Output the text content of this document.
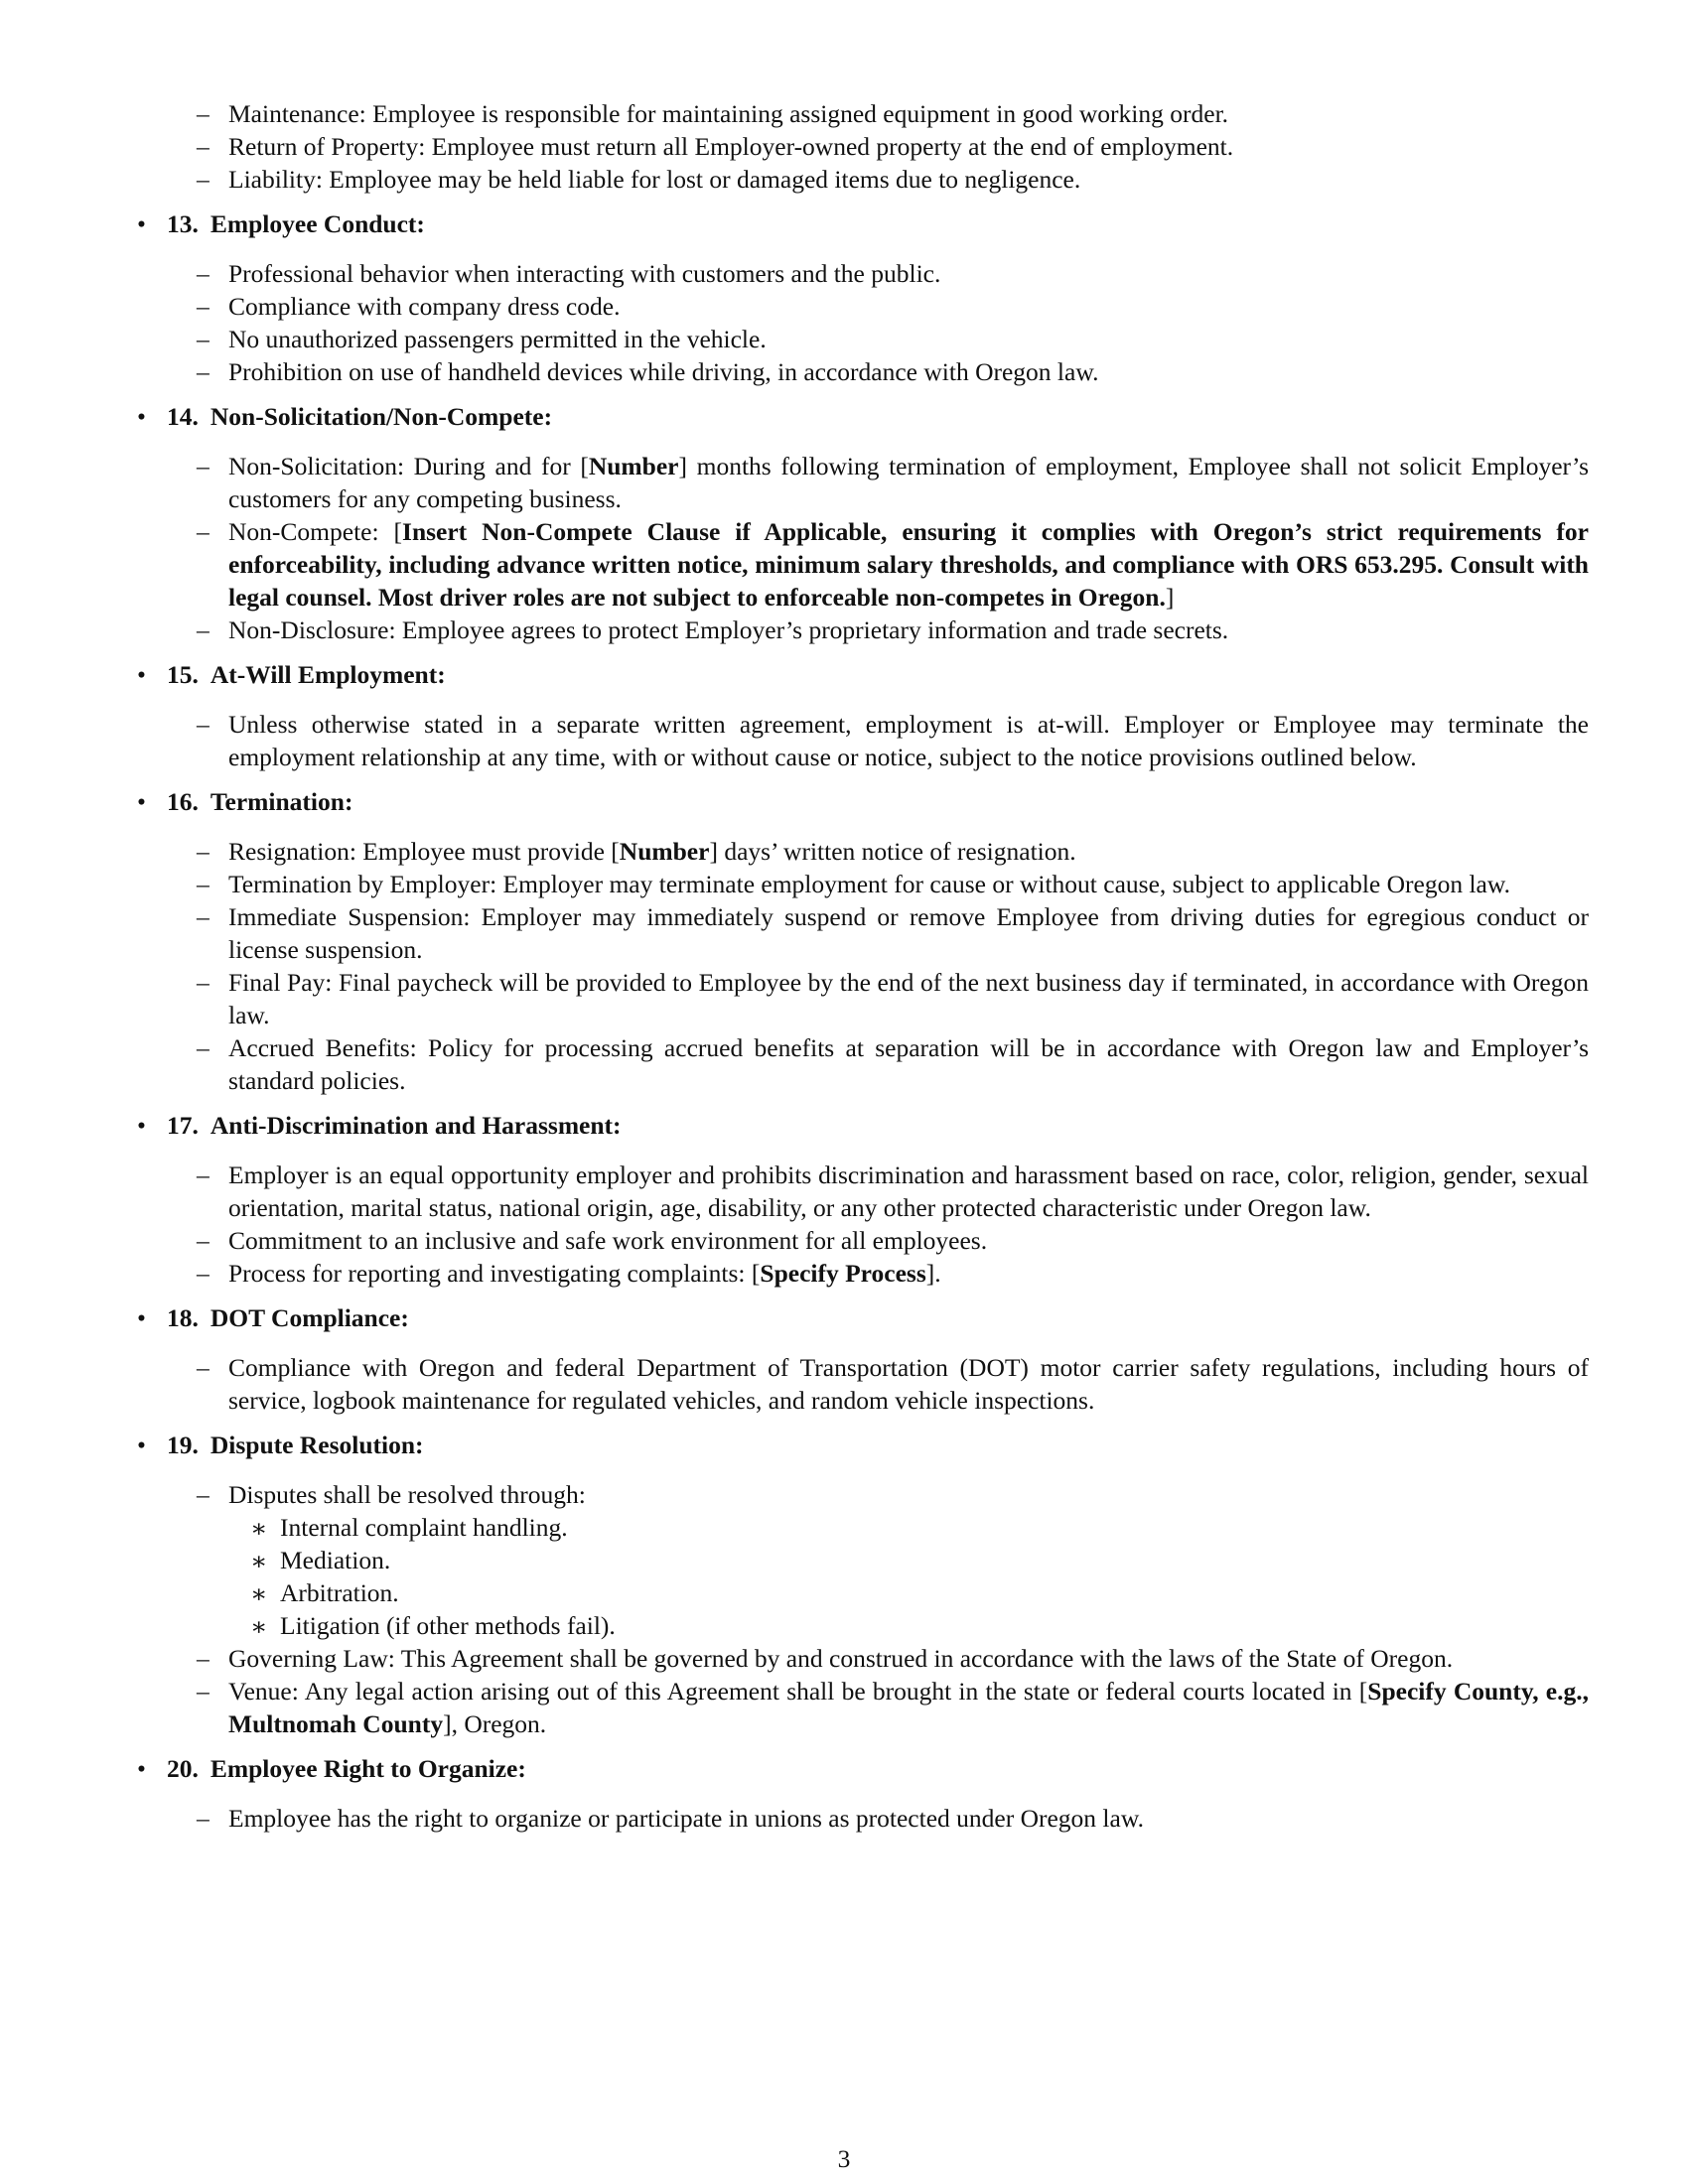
– Maintenance: Employee is responsible for maintaining assigned equipment in good working order.
– Return of Property: Employee must return all Employer-owned property at the end of employment.
– Liability: Employee may be held liable for lost or damaged items due to negligence.
• 13. Employee Conduct:
– Professional behavior when interacting with customers and the public.
– Compliance with company dress code.
– No unauthorized passengers permitted in the vehicle.
– Prohibition on use of handheld devices while driving, in accordance with Oregon law.
• 14. Non-Solicitation/Non-Compete:
– Non-Solicitation: During and for [Number] months following termination of employment, Employee shall not solicit Employer’s customers for any competing business.
– Non-Compete: [Insert Non-Compete Clause if Applicable, ensuring it complies with Oregon’s strict requirements for enforceability, including advance written notice, minimum salary thresholds, and compliance with ORS 653.295. Consult with legal counsel. Most driver roles are not subject to enforceable non-competes in Oregon.]
– Non-Disclosure: Employee agrees to protect Employer’s proprietary information and trade secrets.
• 15. At-Will Employment:
– Unless otherwise stated in a separate written agreement, employment is at-will. Employer or Employee may terminate the employment relationship at any time, with or without cause or notice, subject to the notice provisions outlined below.
• 16. Termination:
– Resignation: Employee must provide [Number] days’ written notice of resignation.
– Termination by Employer: Employer may terminate employment for cause or without cause, subject to applicable Oregon law.
– Immediate Suspension: Employer may immediately suspend or remove Employee from driving duties for egregious conduct or license suspension.
– Final Pay: Final paycheck will be provided to Employee by the end of the next business day if terminated, in accordance with Oregon law.
– Accrued Benefits: Policy for processing accrued benefits at separation will be in accordance with Oregon law and Employer’s standard policies.
• 17. Anti-Discrimination and Harassment:
– Employer is an equal opportunity employer and prohibits discrimination and harassment based on race, color, religion, gender, sexual orientation, marital status, national origin, age, disability, or any other protected characteristic under Oregon law.
– Commitment to an inclusive and safe work environment for all employees.
– Process for reporting and investigating complaints: [Specify Process].
• 18. DOT Compliance:
– Compliance with Oregon and federal Department of Transportation (DOT) motor carrier safety regulations, including hours of service, logbook maintenance for regulated vehicles, and random vehicle inspections.
• 19. Dispute Resolution:
– Disputes shall be resolved through:
∗ Internal complaint handling.
∗ Mediation.
∗ Arbitration.
∗ Litigation (if other methods fail).
– Governing Law: This Agreement shall be governed by and construed in accordance with the laws of the State of Oregon.
– Venue: Any legal action arising out of this Agreement shall be brought in the state or federal courts located in [Specify County, e.g., Multnomah County], Oregon.
• 20. Employee Right to Organize:
– Employee has the right to organize or participate in unions as protected under Oregon law.
3
